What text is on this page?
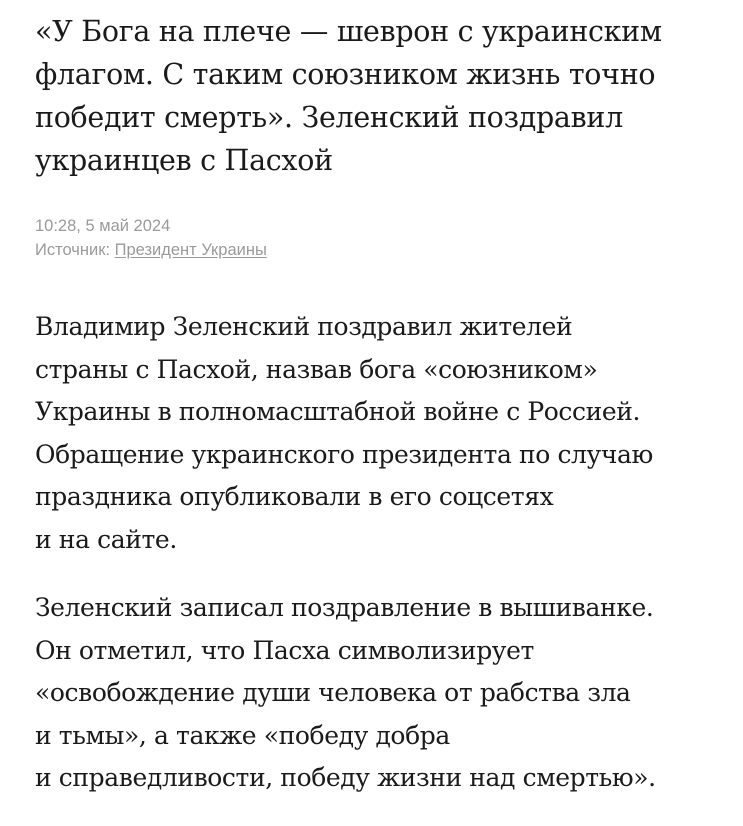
«У Бога на плече — шеврон с украинским
флагом. С таким союзником жизнь точно
победит смерть». Зеленский поздравил
украинцев с Пасхой
10:28, 5 май 2024
Источник: Президент Украины

Владимир Зеленский поздравил жителей
страны с Пасхой, назвав бога «союзником»
Украины в полномасштабной войне с Россией.
Обращение украинского президента по случаю
праздника опубликовали в его соцсетях
и на сайте.

Зеленский записал поздравление в вышиванке.
Он отметил, что Пасха символизирует
«освобождение души человека от рабства зла
и тьмы», а также «победу добра
и справедливости, победу жизни над смертью».
